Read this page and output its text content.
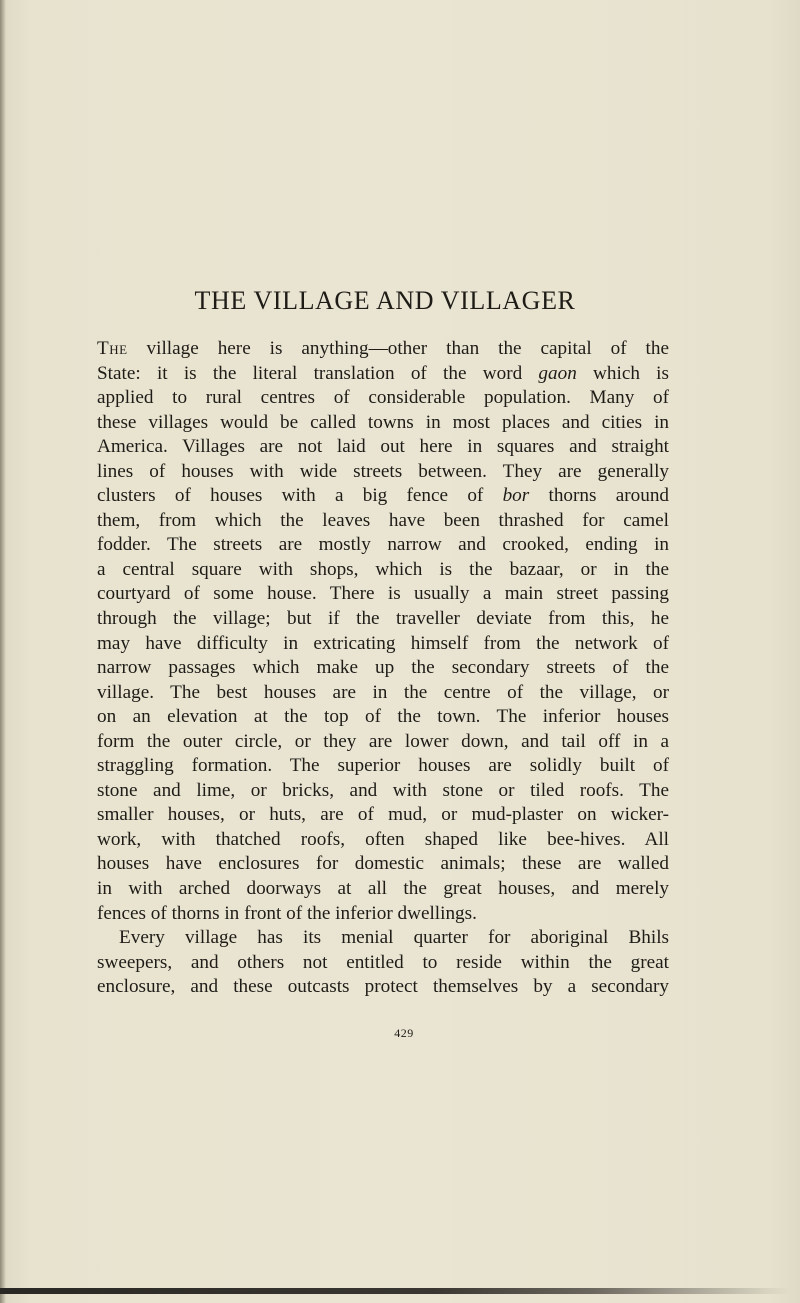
THE VILLAGE AND VILLAGER
The village here is anything—other than the capital of the
State: it is the literal translation of the word gaon which is
applied to rural centres of considerable population. Many of
these villages would be called towns in most places and cities in
America. Villages are not laid out here in squares and straight
lines of houses with wide streets between. They are generally
clusters of houses with a big fence of bor thorns around
them, from which the leaves have been thrashed for camel
fodder. The streets are mostly narrow and crooked, ending in
a central square with shops, which is the bazaar, or in the
courtyard of some house. There is usually a main street passing
through the village; but if the traveller deviate from this, he
may have difficulty in extricating himself from the network of
narrow passages which make up the secondary streets of the
village. The best houses are in the centre of the village, or
on an elevation at the top of the town. The inferior houses
form the outer circle, or they are lower down, and tail off in a
straggling formation. The superior houses are solidly built of
stone and lime, or bricks, and with stone or tiled roofs. The
smaller houses, or huts, are of mud, or mud-plaster on wicker-
work, with thatched roofs, often shaped like bee-hives. All
houses have enclosures for domestic animals; these are walled
in with arched doorways at all the great houses, and merely
fences of thorns in front of the inferior dwellings.
Every village has its menial quarter for aboriginal Bhils
sweepers, and others not entitled to reside within the great
enclosure, and these outcasts protect themselves by a secondary

429
